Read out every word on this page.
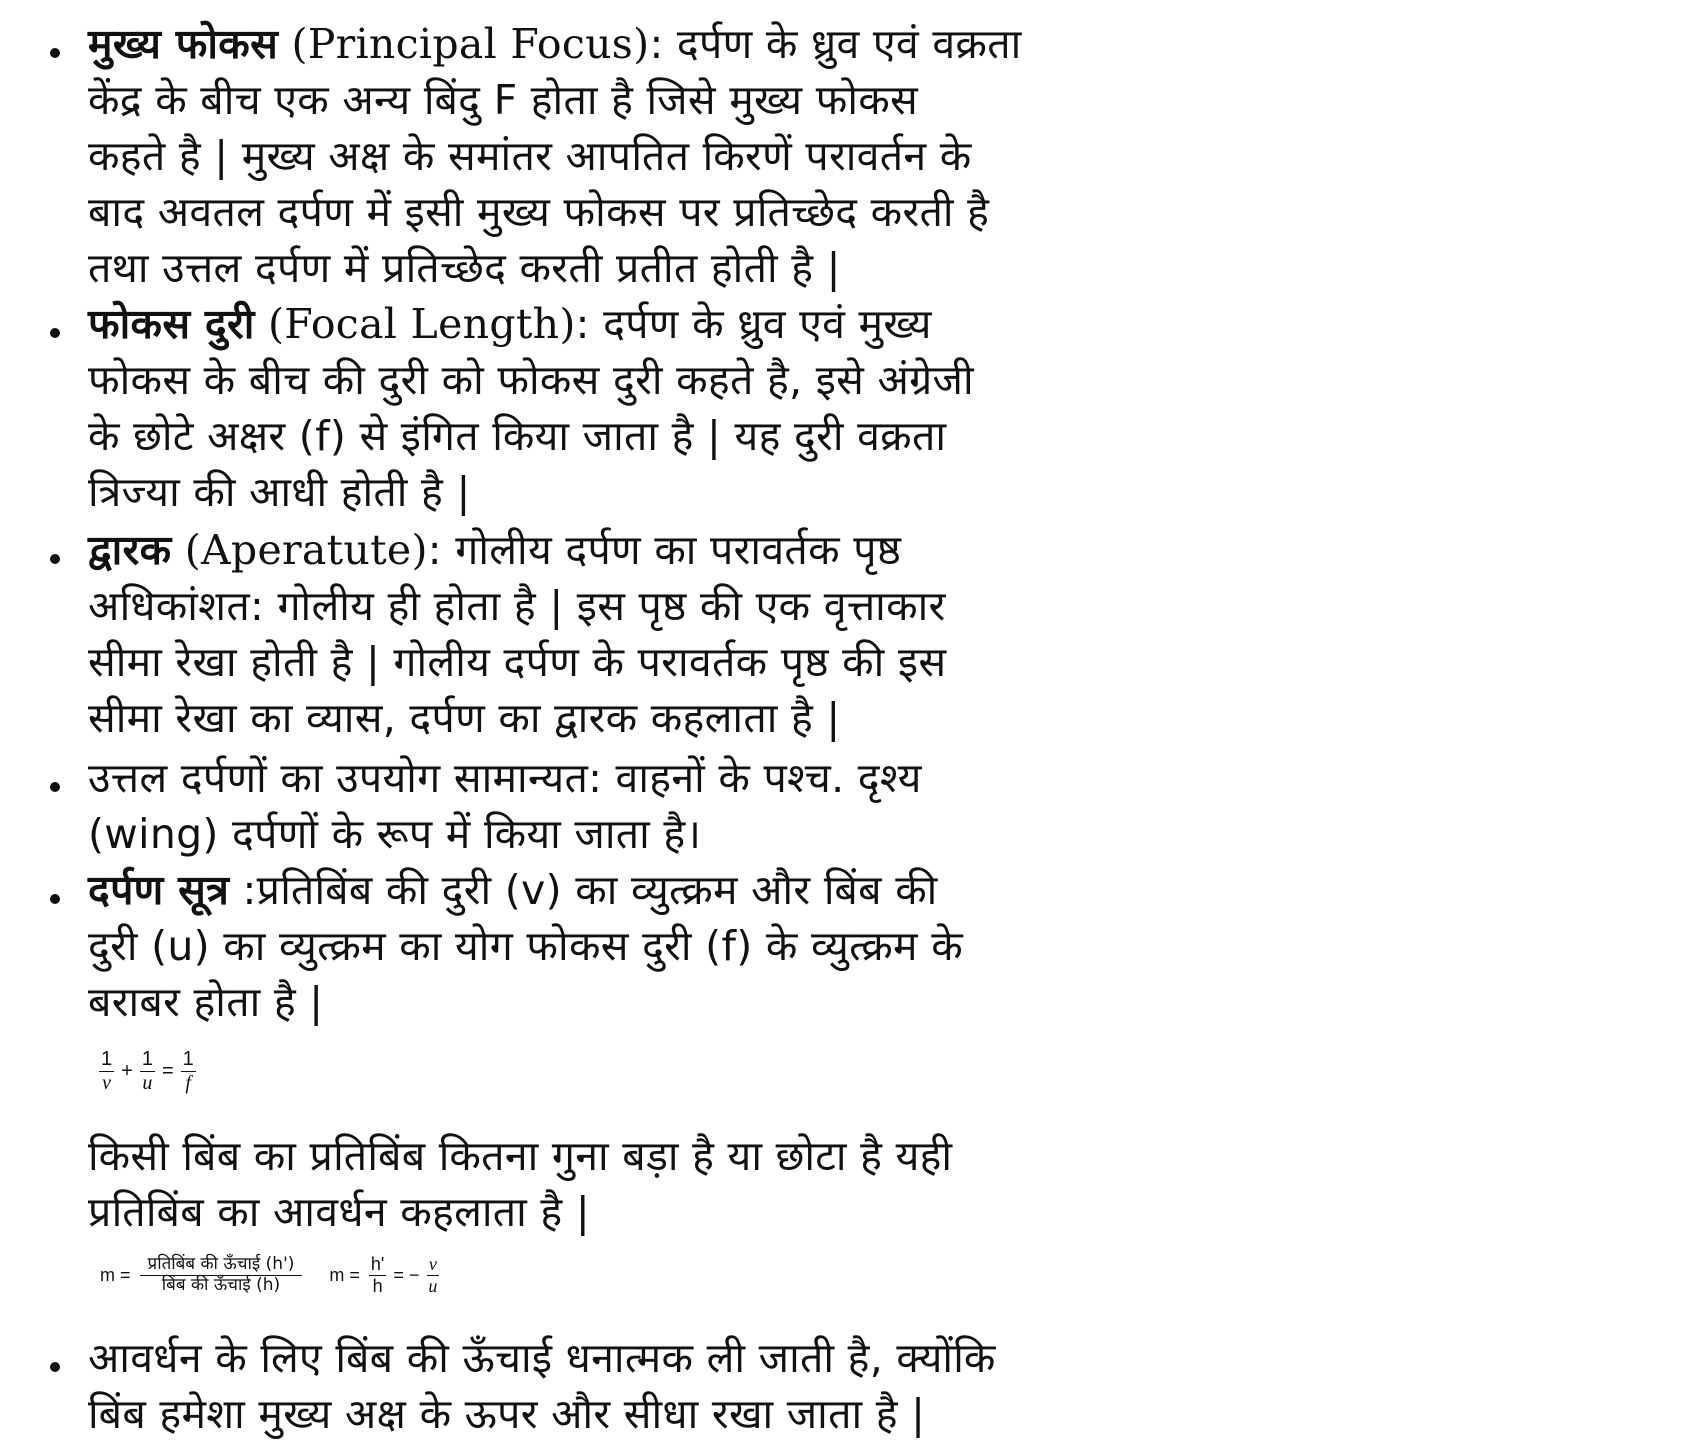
मुख्य फोकस (Principal Focus): दर्पण के ध्रुव एवं वक्रता
केंद्र के बीच एक अन्य बिंदु F होता है जिसे मुख्य फोकस
कहते है | मुख्य अक्ष के समांतर आपतित किरणें परावर्तन के
बाद अवतल दर्पण में इसी मुख्य फोकस पर प्रतिच्छेद करती है
तथा उत्तल दर्पण में प्रतिच्छेद करती प्रतीत होती है |
फोकस दुरी (Focal Length): दर्पण के ध्रुव एवं मुख्य
फोकस के बीच की दुरी को फोकस दुरी कहते है, इसे अंग्रेजी
के छोटे अक्षर (f) से इंगित किया जाता है | यह दुरी वक्रता
त्रिज्या की आधी होती है |
द्वारक (Aperatute): गोलीय दर्पण का परावर्तक पृष्ठ
अधिकांशत: गोलीय ही होता है | इस पृष्ठ की एक वृत्ताकार
सीमा रेखा होती है | गोलीय दर्पण के परावर्तक पृष्ठ की इस
सीमा रेखा का व्यास, दर्पण का द्वारक कहलाता है |
उत्तल दर्पणों का उपयोग सामान्यत: वाहनों के पश्च. दृश्य
(wing) दर्पणों के रूप में किया जाता है।
दर्पण सूत्र :प्रतिबिंब की दुरी (v) का व्युत्क्रम और बिंब की
दुरी (u) का व्युत्क्रम का योग फोकस दुरी (f) के व्युत्क्रम के
बराबर होता है |
$\frac{1}{v} + \frac{1}{u} = \frac{1}{f}$
किसी बिंब का प्रतिबिंब कितना गुना बड़ा है या छोटा है यही
प्रतिबिंब का आवर्धन कहलाता है |
$m = \frac{\text{प्रतिबिंब की ऊँचाई (h')}}{\text{बिंब की ऊँचाई (h)}}$ $m = \frac{h'}{h}$ = − $\frac{v}{u}$
आवर्धन के लिए बिंब की ऊँचाई धनात्मक ली जाती है, क्योंकि
बिंब हमेशा मुख्य अक्ष के ऊपर और सीधा रखा जाता है |
